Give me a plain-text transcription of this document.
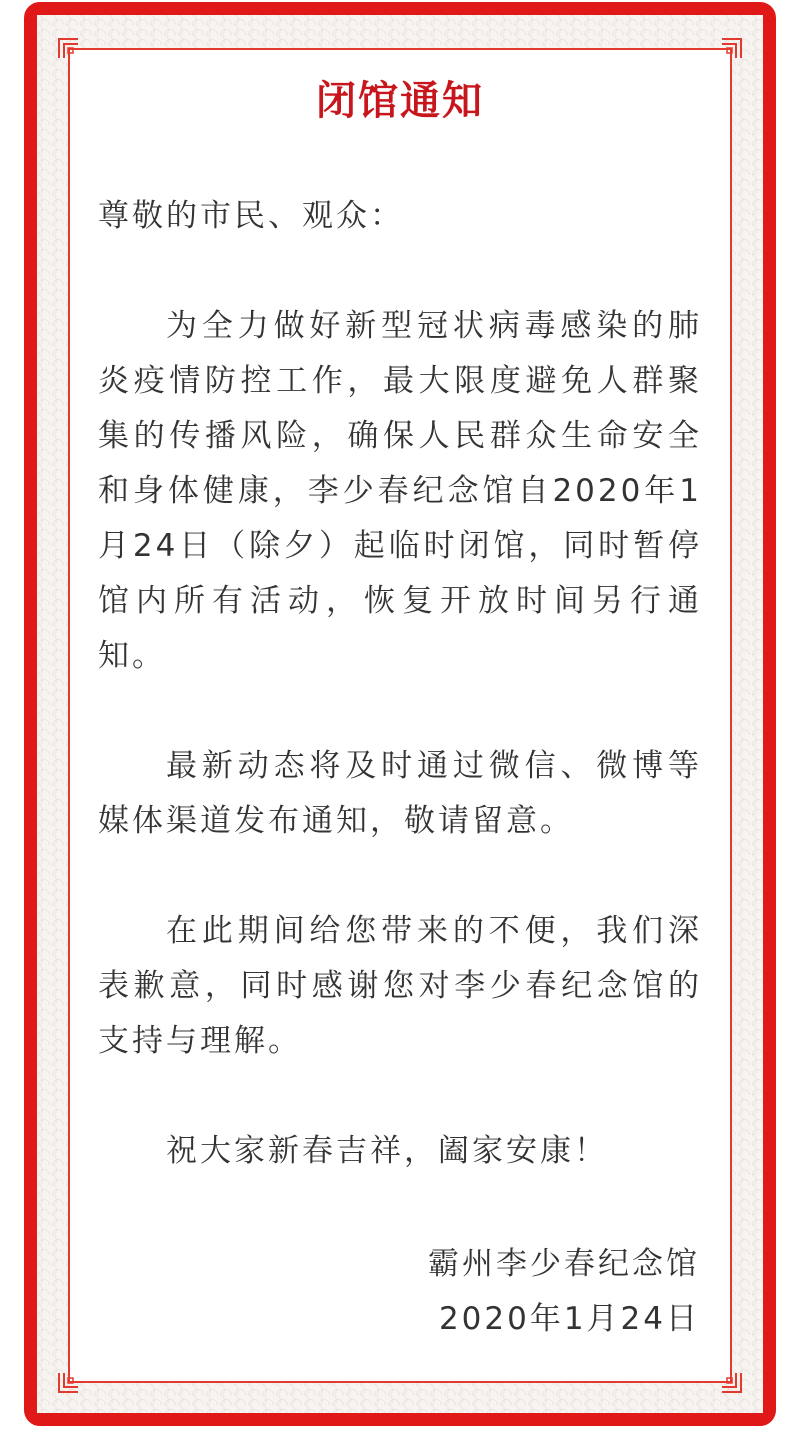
闭馆通知

尊敬的市民、观众：

为全力做好新型冠状病毒感染的肺炎疫情防控工作，最大限度避免人群聚集的传播风险，确保人民群众生命安全和身体健康，李少春纪念馆自2020年1月24日（除夕）起临时闭馆，同时暂停馆内所有活动，恢复开放时间另行通知。

最新动态将及时通过微信、微博等媒体渠道发布通知，敬请留意。

在此期间给您带来的不便，我们深表歉意，同时感谢您对李少春纪念馆的支持与理解。

祝大家新春吉祥，阖家安康！

霸州李少春纪念馆
2020年1月24日
